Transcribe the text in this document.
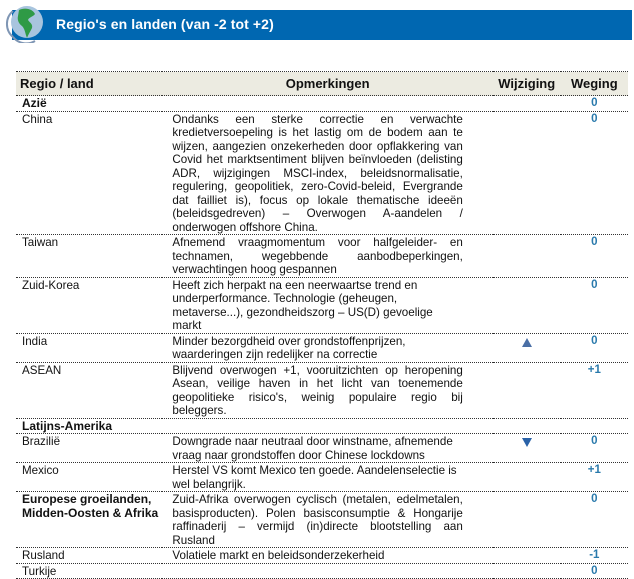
Regio's en landen (van -2 tot +2)
Regio / land	Opmerkingen	Wijziging	Weging
Azië			0
China	Ondanks een sterke correctie en verwachte kredietversoepeling is het lastig om de bodem aan te wijzen, aangezien onzekerheden door opflakkering van Covid het marktsentiment blijven beïnvloeden (delisting ADR, wijzigingen MSCI-index, beleidsnormalisatie, regulering, geopolitiek, zero-Covid-beleid, Evergrande dat failliet is), focus op lokale thematische ideeën (beleidsgedreven) – Overwogen A-aandelen / onderwogen offshore China.		0
Taiwan	Afnemend vraagmomentum voor halfgeleider- en technamen, wegebbende aanbodbeperkingen, verwachtingen hoog gespannen		0
Zuid-Korea	Heeft zich herpakt na een neerwaartse trend en underperformance. Technologie (geheugen, metaverse...), gezondheidszorg – US(D) gevoelige markt		0
India	Minder bezorgdheid over grondstoffenprijzen, waarderingen zijn redelijker na correctie		0
ASEAN	Blijvend overwogen +1, vooruitzichten op heropening Asean, veilige haven in het licht van toenemende geopolitieke risico's, weinig populaire regio bij beleggers.		+1
Latijns-Amerika			
Brazilië	Downgrade naar neutraal door winstname, afnemende vraag naar grondstoffen door Chinese lockdowns		0
Mexico	Herstel VS komt Mexico ten goede. Aandelenselectie is wel belangrijk.		+1
Europese groeilanden, Midden-Oosten & Afrika	Zuid-Afrika overwogen cyclisch (metalen, edelmetalen, basisproducten). Polen basisconsumptie & Hongarije raffinaderij – vermijd (in)directe blootstelling aan Rusland		0
Rusland	Volatiele markt en beleidsonderzekerheid		-1
Turkije			0
